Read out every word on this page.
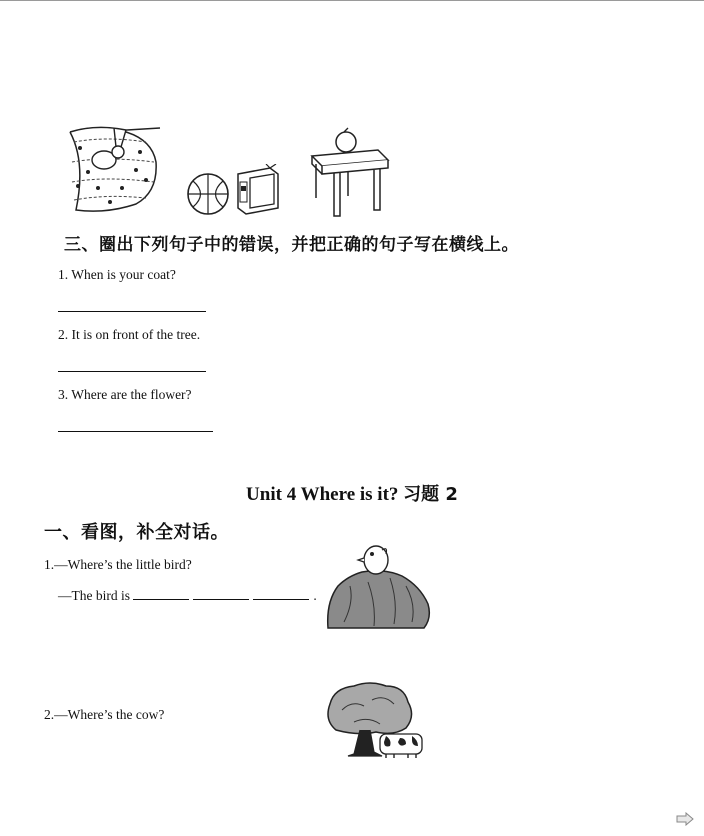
三、圈出下列句子中的错误，并把正确的句子写在横线上。
1. When is your coat?
2. It is on front of the tree.
3. Where are the flower?
Unit 4 Where is it? 习题 2
一、看图，补全对话。
1.—Where’s the little bird?
—The bird is	.
2.—Where’s the cow?
